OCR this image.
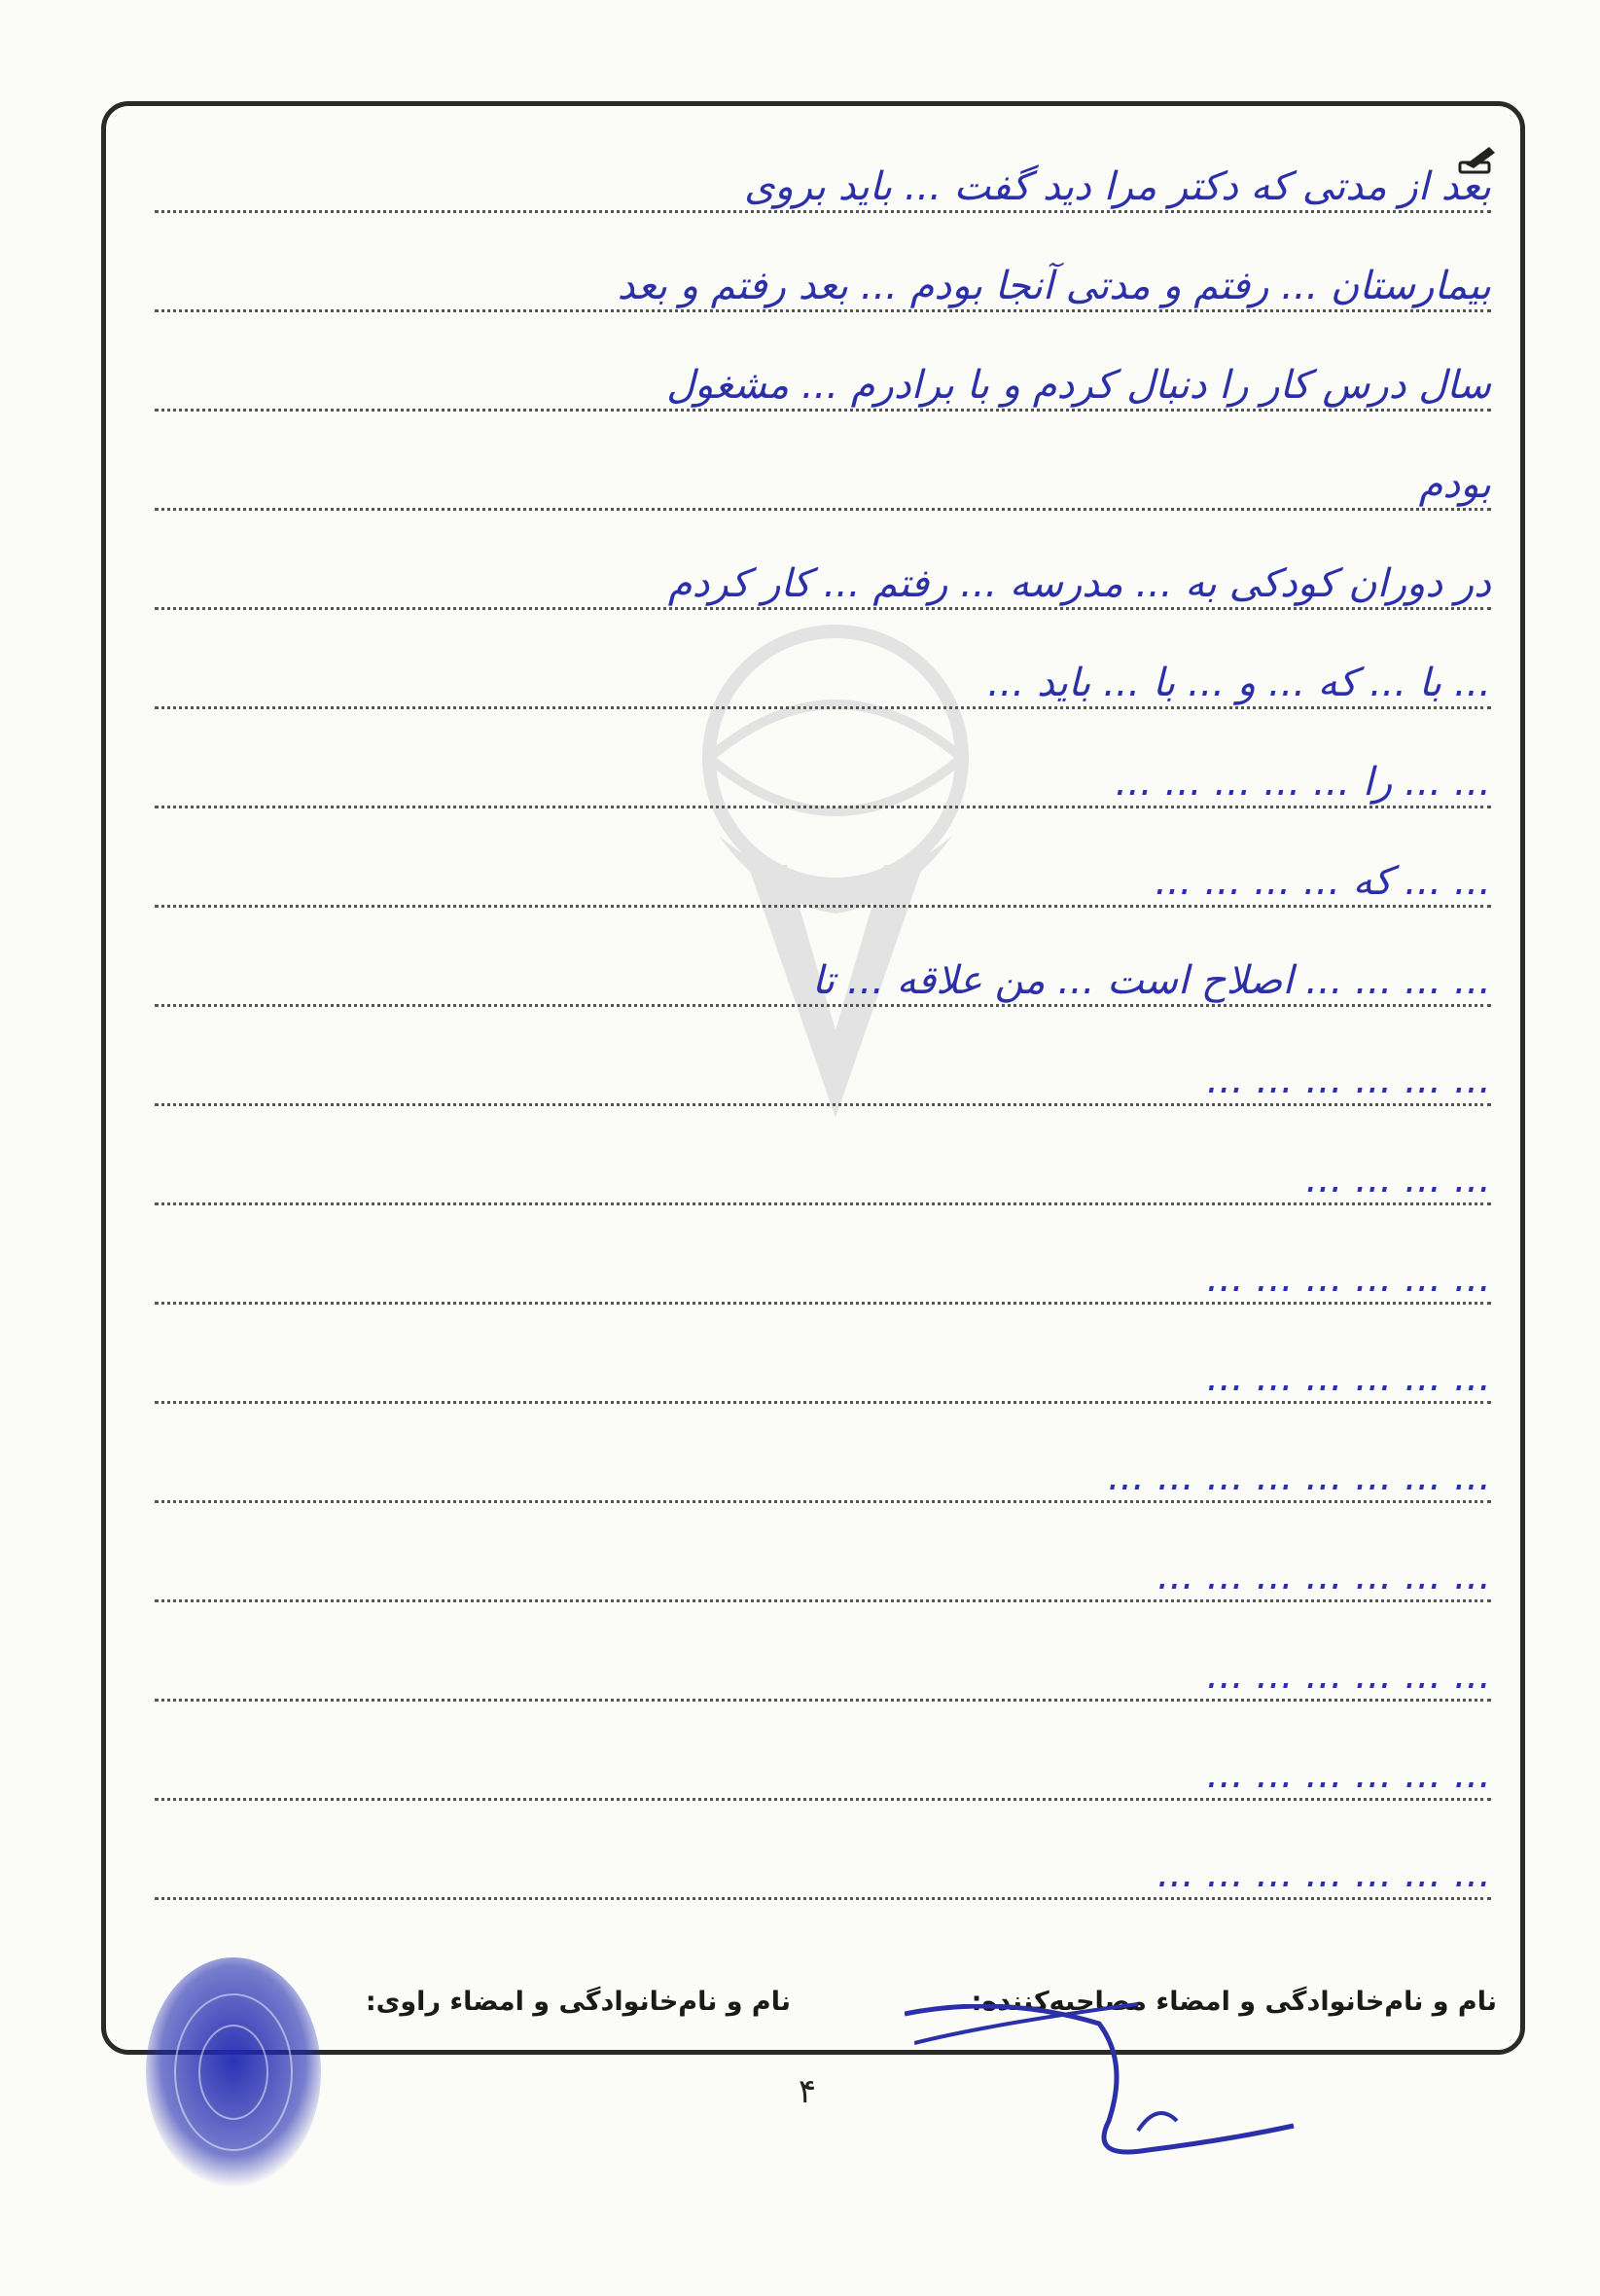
بعد از مدتی که دکتر مرا دید گفت ... باید بروی
بیمارستان ... رفتم و مدتی آنجا بودم ... بعد رفتم و بعد
سال درس کار را دنبال کردم و با برادرم ... مشغول
بودم
در دوران کودکی به ... مدرسه ... رفتم ... کار کردم
... با ... که ... و ... با ... باید ...
... ... را ... ... ... ... ...
... ... که ... ... ... ...
... ... ... ... اصلاح است ... من علاقه ... تا
... ... ... ... ... ...
... ... ... ...
... ... ... ... ... ...
... ... ... ... ... ...
... ... ... ... ... ... ... ...
... ... ... ... ... ... ...
... ... ... ... ... ...
... ... ... ... ... ...
... ... ... ... ... ... ...
نام و نام‌خانوادگی و امضاء مصاحبه‌کننده:
نام و نام‌خانوادگی و امضاء راوی:
۴
